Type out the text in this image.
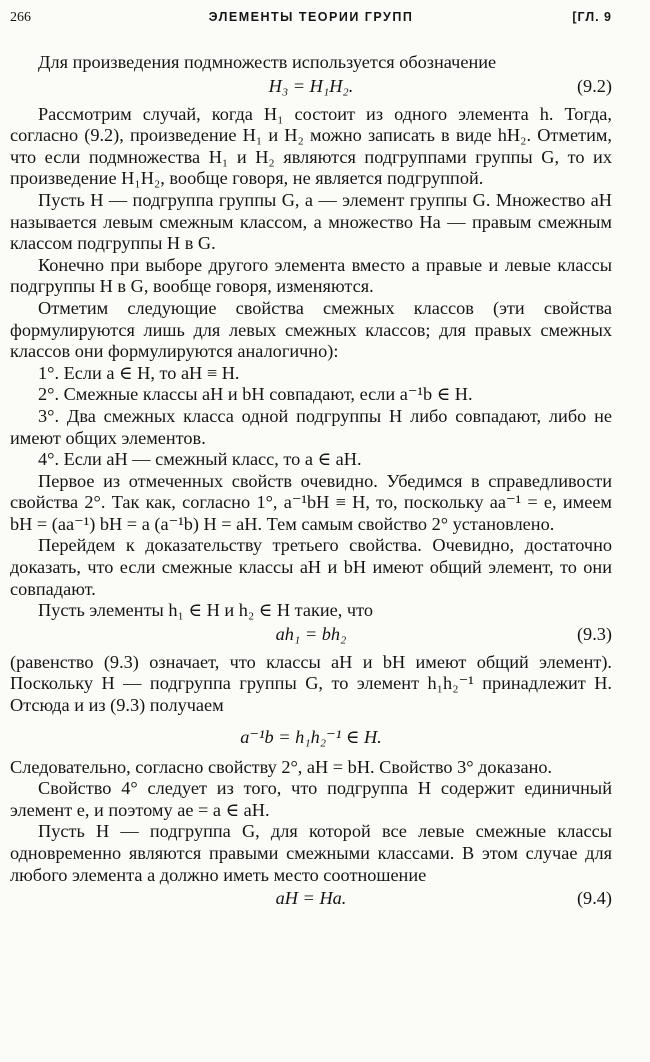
266	ЭЛЕМЕНТЫ ТЕОРИИ ГРУПП	[ГЛ. 9

Для произведения подмножеств используется обозначение

H₃ = H₁H₂.	(9.2)

Рассмотрим случай, когда H₁ состоит из одного элемента h. Тогда, согласно (9.2), произведение H₁ и H₂ можно записать в виде hH₂. Отметим, что если подмножества H₁ и H₂ являются подгруппами группы G, то их произведение H₁H₂, вообще говоря, не является подгруппой.

Пусть H — подгруппа группы G, a — элемент группы G. Множество aH называется левым смежным классом, а множество Ha — правым смежным классом подгруппы H в G.

Конечно при выборе другого элемента вместо a правые и левые классы подгруппы H в G, вообще говоря, изменяются.

Отметим следующие свойства смежных классов (эти свойства формулируются лишь для левых смежных классов; для правых смежных классов они формулируются аналогично):

1°. Если a ∈ H, то aH ≡ H.

2°. Смежные классы aH и bH совпадают, если a⁻¹b ∈ H.

3°. Два смежных класса одной подгруппы H либо совпадают, либо не имеют общих элементов.

4°. Если aH — смежный класс, то a ∈ aH.

Первое из отмеченных свойств очевидно. Убедимся в справедливости свойства 2°. Так как, согласно 1°, a⁻¹bH ≡ H, то, поскольку aa⁻¹ = e, имеем bH = (aa⁻¹) bH = a (a⁻¹b) H = aH. Тем самым свойство 2° установлено.

Перейдем к доказательству третьего свойства. Очевидно, достаточно доказать, что если смежные классы aH и bH имеют общий элемент, то они совпадают.

Пусть элементы h₁ ∈ H и h₂ ∈ H такие, что

ah₁ = bh₂	(9.3)

(равенство (9.3) означает, что классы aH и bH имеют общий элемент). Поскольку H — подгруппа группы G, то элемент h₁h₂⁻¹ принадлежит H. Отсюда и из (9.3) получаем

a⁻¹b = h₁h₂⁻¹ ∈ H.

Следовательно, согласно свойству 2°, aH = bH. Свойство 3° доказано.

Свойство 4° следует из того, что подгруппа H содержит единичный элемент e, и поэтому ae = a ∈ aH.

Пусть H — подгруппа G, для которой все левые смежные классы одновременно являются правыми смежными классами. В этом случае для любого элемента a должно иметь место соотношение

aH = Ha.	(9.4)
